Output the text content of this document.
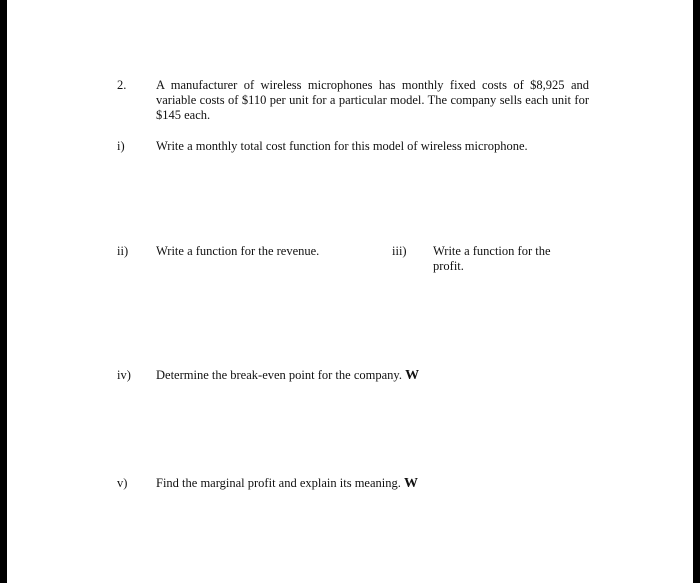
2. A manufacturer of wireless microphones has monthly fixed costs of $8,925 and variable costs of $110 per unit for a particular model. The company sells each unit for $145 each.
i)	Write a monthly total cost function for this model of wireless microphone.
ii) Write a function for the revenue.	iii) Write a function for the profit.
iv) Determine the break-even point for the company. W
v) Find the marginal profit and explain its meaning. W
